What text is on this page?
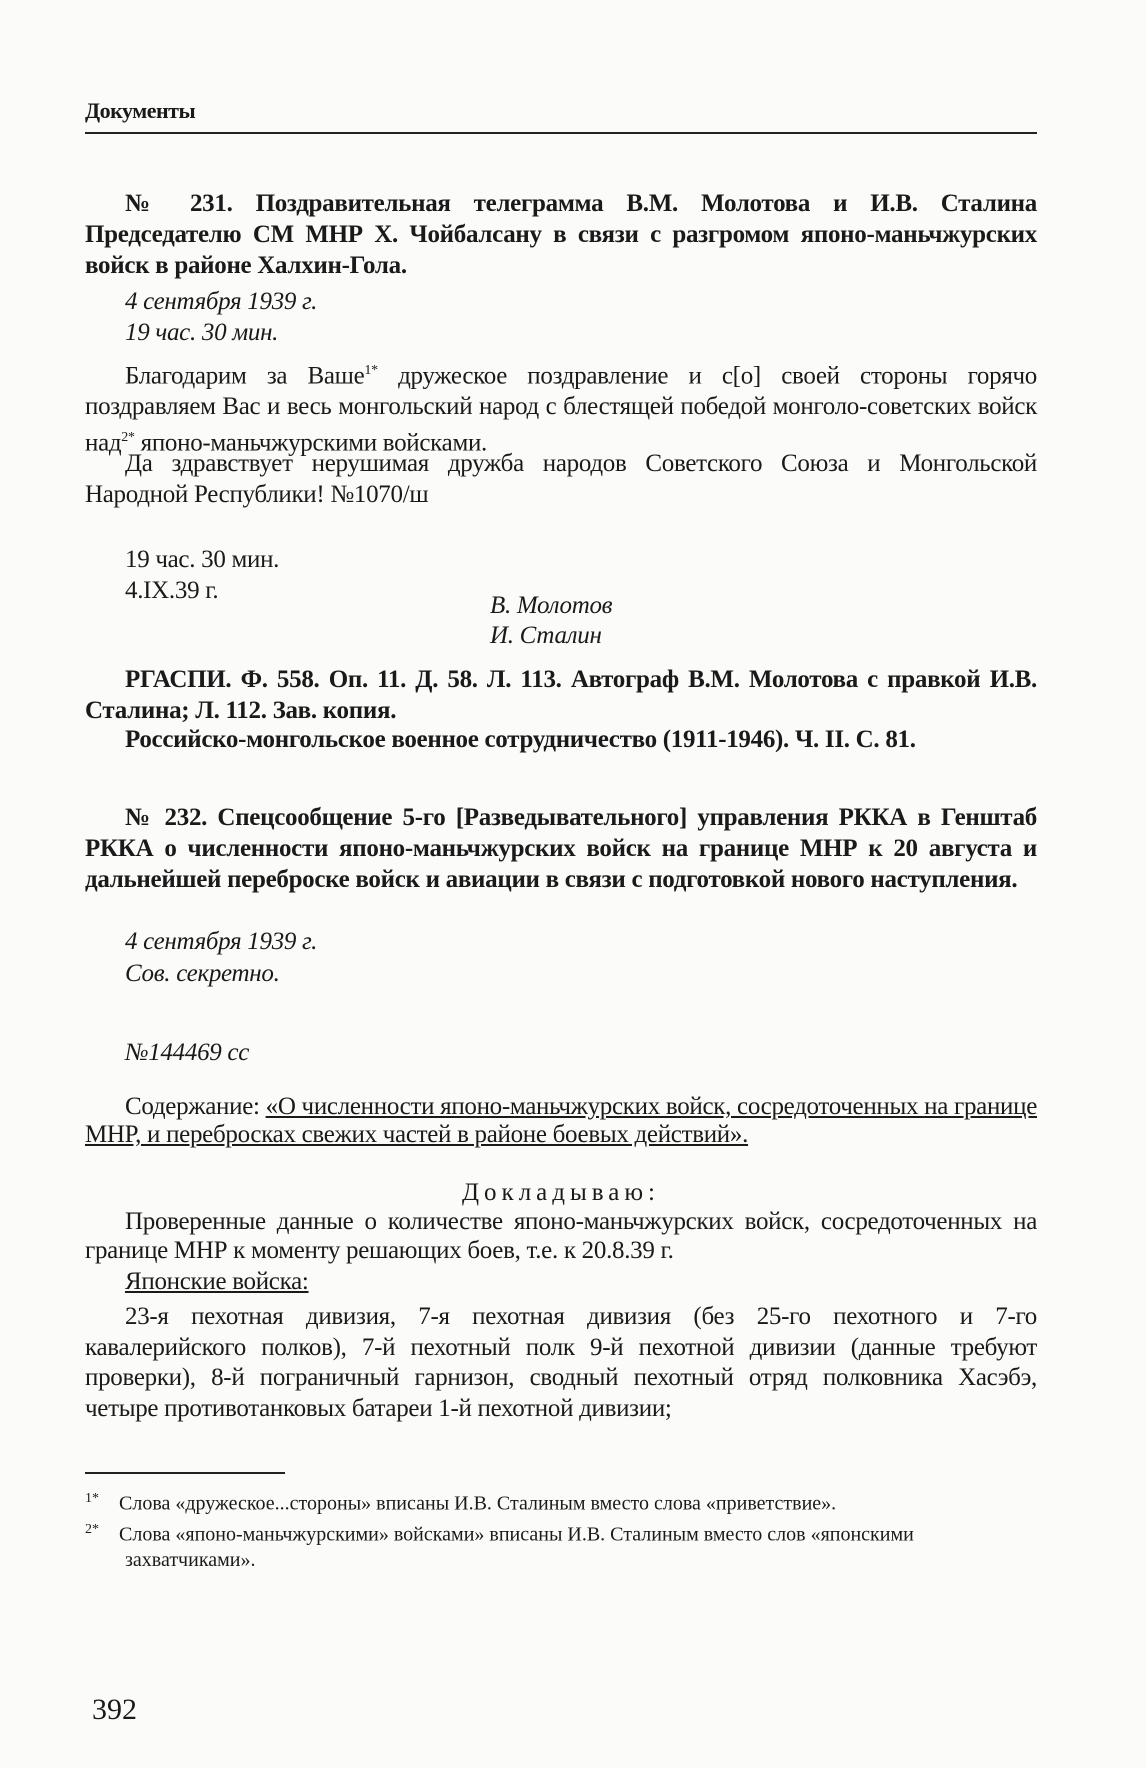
Документы
№ 231. Поздравительная телеграмма В.М. Молотова и И.В. Сталина Председателю СМ МНР Х. Чойбалсану в связи с разгромом японо-маньчжурских войск в районе Халхин-Гола.

4 сентября 1939 г.

19 час. 30 мин.

Благодарим за Ваше$^{1*}$ дружеское поздравление и с[о] своей стороны горячо поздравляем Вас и весь монгольский народ с блестящей победой монголо-советских войск над$^{2*}$ японо-маньчжурскими войсками.
Да здравствует нерушимая дружба народов Советского Союза и Монгольской Народной Республики! №1070/ш
19 час. 30 мин.
4.IX.39 г.
В. Молотов
И. Сталин
РГАСПИ. Ф. 558. Оп. 11. Д. 58. Л. 113. Автограф В.М. Молотова с правкой И.В. Сталина; Л. 112. Зав. копия.
Российско-монгольское военное сотрудничество (1911-1946). Ч. II. С. 81.
№ 232. Спецсообщение 5-го [Разведывательного] управления РККА в Генштаб РККА о численности японо-маньчжурских войск на границе МНР к 20 августа и дальнейшей переброске войск и авиации в связи с подготовкой нового наступления.

4 сентября 1939 г.

Сов. секретно.

№144469 сс
Содержание: «О численности японо-маньчжурских войск, сосредоточенных на границе МНР, и перебросках свежих частей в районе боевых действий».
Докладываю:
Проверенные данные о количестве японо-маньчжурских войск, сосредоточенных на границе МНР к моменту решающих боев, т.е. к 20.8.39 г.
Японские войска:
23-я пехотная дивизия, 7-я пехотная дивизия (без 25-го пехотного и 7-го кавалерийского полков), 7-й пехотный полк 9-й пехотной дивизии (данные требуют проверки), 8-й пограничный гарнизон, сводный пехотный отряд полковника Хасэбэ, четыре противотанковых батареи 1-й пехотной дивизии;

$^{1*}$ Слова «дружеское...стороны» вписаны И.В. Сталиным вместо слова «приветствие».

$^{2*}$ Слова «японо-маньчжурскими» войсками» вписаны И.В. Сталиным вместо слов «японскими захватчиками».

392
